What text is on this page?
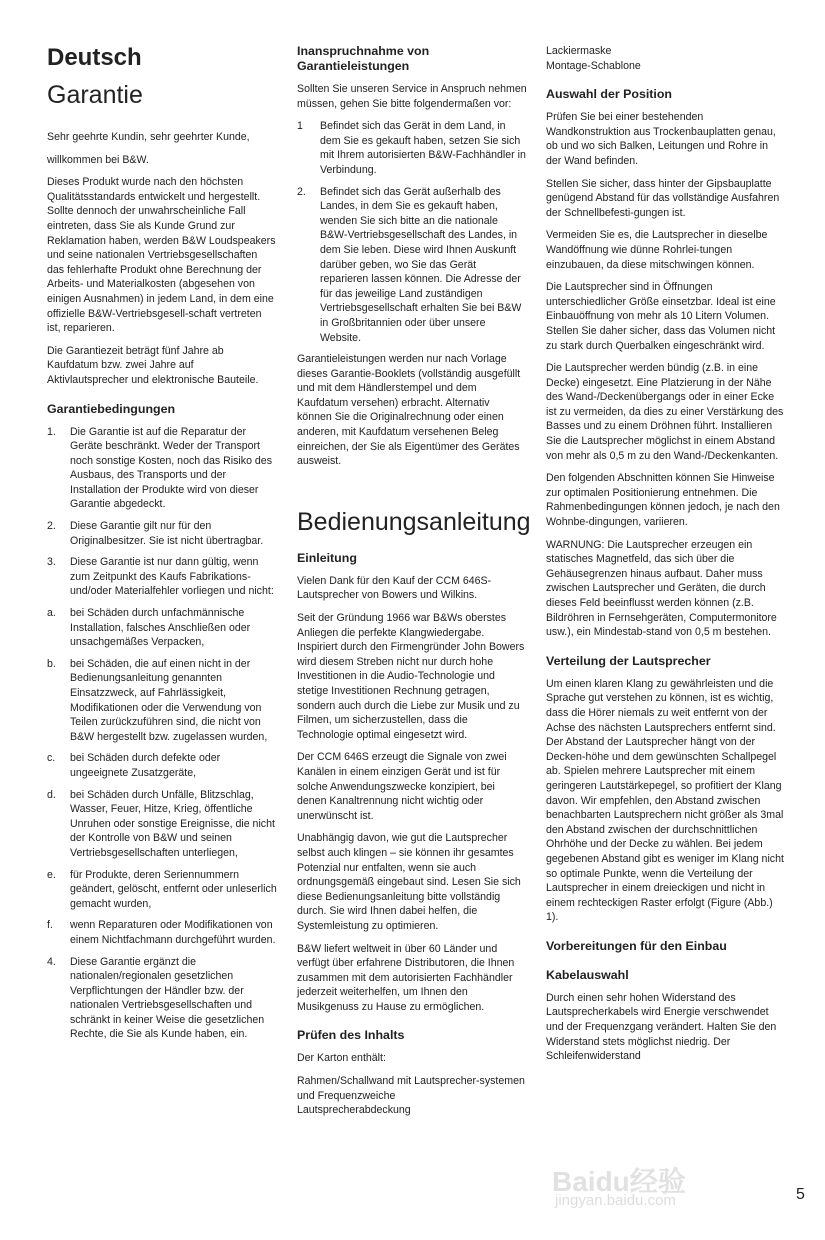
Deutsch
Garantie

Sehr geehrte Kundin, sehr geehrter Kunde,

willkommen bei B&W.

Dieses Produkt wurde nach den höchsten Qualitätsstandards entwickelt und hergestellt. Sollte dennoch der unwahrscheinliche Fall eintreten, dass Sie als Kunde Grund zur Reklamation haben, werden B&W Loudspeakers und seine nationalen Vertriebsgesellschaften das fehlerhafte Produkt ohne Berechnung der Arbeits- und Materialkosten (abgesehen von einigen Ausnahmen) in jedem Land, in dem eine offizielle B&W-Vertriebsgesell-schaft vertreten ist, reparieren.

Die Garantiezeit beträgt fünf Jahre ab Kaufdatum bzw. zwei Jahre auf Aktivlautsprecher und elektronische Bauteile.

Garantiebedingungen
1.	Die Garantie ist auf die Reparatur der Geräte beschränkt. Weder der Transport noch sonstige Kosten, noch das Risiko des Ausbaus, des Transports und der Installation der Produkte wird von dieser Garantie abgedeckt.
2.	Diese Garantie gilt nur für den Originalbesitzer. Sie ist nicht übertragbar.
3.	Diese Garantie ist nur dann gültig, wenn zum Zeitpunkt des Kaufs Fabrikations- und/oder Materialfehler vorliegen und nicht:
a.	bei Schäden durch unfachmännische Installation, falsches Anschließen oder unsachgemäßes Verpacken,
b.	bei Schäden, die auf einen nicht in der Bedienungsanleitung genannten Einsatzzweck, auf Fahrlässigkeit, Modifikationen oder die Verwendung von Teilen zurückzuführen sind, die nicht von B&W hergestellt bzw. zugelassen wurden,
c.	bei Schäden durch defekte oder ungeeignete Zusatzgeräte,
d.	bei Schäden durch Unfälle, Blitzschlag, Wasser, Feuer, Hitze, Krieg, öffentliche Unruhen oder sonstige Ereignisse, die nicht der Kontrolle von B&W und seinen Vertriebsgesellschaften unterliegen,
e.	für Produkte, deren Seriennummern geändert, gelöscht, entfernt oder unleserlich gemacht wurden,
f.	wenn Reparaturen oder Modifikationen von einem Nichtfachmann durchgeführt wurden.
4.	Diese Garantie ergänzt die nationalen/regionalen gesetzlichen Verpflichtungen der Händler bzw. der nationalen Vertriebsgesellschaften und schränkt in keiner Weise die gesetzlichen Rechte, die Sie als Kunde haben, ein.
Inanspruchnahme von Garantieleistungen

Sollten Sie unseren Service in Anspruch nehmen müssen, gehen Sie bitte folgendermaßen vor:

1	Befindet sich das Gerät in dem Land, in dem Sie es gekauft haben, setzen Sie sich mit Ihrem autorisierten B&W-Fachhändler in Verbindung.
2.	Befindet sich das Gerät außerhalb des Landes, in dem Sie es gekauft haben, wenden Sie sich bitte an die nationale B&W-Vertriebsgesellschaft des Landes, in dem Sie leben. Diese wird Ihnen Auskunft darüber geben, wo Sie das Gerät reparieren lassen können. Die Adresse der für das jeweilige Land zuständigen Vertriebsgesellschaft erhalten Sie bei B&W in Großbritannien oder über unsere Website.

Garantieleistungen werden nur nach Vorlage dieses Garantie-Booklets (vollständig ausgefüllt und mit dem Händlerstempel und dem Kaufdatum versehen) erbracht. Alternativ können Sie die Originalrechnung oder einen anderen, mit Kaufdatum versehenen Beleg einreichen, der Sie als Eigentümer des Gerätes ausweist.

Bedienungsanleitung
Einleitung

Vielen Dank für den Kauf der CCM 646S-Lautsprecher von Bowers und Wilkins.

Seit der Gründung 1966 war B&Ws oberstes Anliegen die perfekte Klangwiedergabe. Inspiriert durch den Firmengründer John Bowers wird diesem Streben nicht nur durch hohe Investitionen in die Audio-Technologie und stetige Investitionen Rechnung getragen, sondern auch durch die Liebe zur Musik und zu Filmen, um sicherzustellen, dass die Technologie optimal eingesetzt wird.

Der CCM 646S erzeugt die Signale von zwei Kanälen in einem einzigen Gerät und ist für solche Anwendungszwecke konzipiert, bei denen Kanaltrennung nicht wichtig oder unerwünscht ist.

Unabhängig davon, wie gut die Lautsprecher selbst auch klingen – sie können ihr gesamtes Potenzial nur entfalten, wenn sie auch ordnungsgemäß eingebaut sind. Lesen Sie sich diese Bedienungsanleitung bitte vollständig durch. Sie wird Ihnen dabei helfen, die Systemleistung zu optimieren.

B&W liefert weltweit in über 60 Länder und verfügt über erfahrene Distributoren, die Ihnen zusammen mit dem autorisierten Fachhändler jederzeit weiterhelfen, um Ihnen den Musikgenuss zu Hause zu ermöglichen.

Prüfen des Inhalts

Der Karton enthält:

Rahmen/Schallwand mit Lautsprecher-systemen und Frequenzweiche

Lautsprecherabdeckung

Lackiermaske

Montage-Schablone

Auswahl der Position

Prüfen Sie bei einer bestehenden Wandkonstruktion aus Trockenbauplatten genau, ob und wo sich Balken, Leitungen und Rohre in der Wand befinden.

Stellen Sie sicher, dass hinter der Gipsbauplatte genügend Abstand für das vollständige Ausfahren der Schnellbefesti-gungen ist.

Vermeiden Sie es, die Lautsprecher in dieselbe Wandöffnung wie dünne Rohrlei-tungen einzubauen, da diese mitschwingen können.

Die Lautsprecher sind in Öffnungen unterschiedlicher Größe einsetzbar. Ideal ist eine Einbauöffnung von mehr als 10 Litern Volumen. Stellen Sie daher sicher, dass das Volumen nicht zu stark durch Querbalken eingeschränkt wird.

Die Lautsprecher werden bündig (z.B. in eine Decke) eingesetzt. Eine Platzierung in der Nähe des Wand-/Deckenübergangs oder in einer Ecke ist zu vermeiden, da dies zu einer Verstärkung des Basses und zu einem Dröhnen führt. Installieren Sie die Lautsprecher möglichst in einem Abstand von mehr als 0,5 m zu den Wand-/Deckenkanten.

Den folgenden Abschnitten können Sie Hinweise zur optimalen Positionierung entnehmen. Die Rahmenbedingungen können jedoch, je nach den Wohnbe-dingungen, variieren.

WARNUNG: Die Lautsprecher erzeugen ein statisches Magnetfeld, das sich über die Gehäusegrenzen hinaus aufbaut. Daher muss zwischen Lautsprecher und Geräten, die durch dieses Feld beeinflusst werden können (z.B. Bildröhren in Fernsehgeräten, Computermonitore usw.), ein Mindestab-stand von 0,5 m bestehen.

Verteilung der Lautsprecher

Um einen klaren Klang zu gewährleisten und die Sprache gut verstehen zu können, ist es wichtig, dass die Hörer niemals zu weit entfernt von der Achse des nächsten Lautsprechers entfernt sind. Der Abstand der Lautsprecher hängt von der Decken-höhe und dem gewünschten Schallpegel ab. Spielen mehrere Lautsprecher mit einem geringeren Lautstärkepegel, so profitiert der Klang davon. Wir empfehlen, den Abstand zwischen benachbarten Lautsprechern nicht größer als 3mal den Abstand zwischen der durchschnittlichen Ohrhöhe und der Decke zu wählen. Bei jedem gegebenen Abstand gibt es weniger im Klang nicht so optimale Punkte, wenn die Verteilung der Lautsprecher in einem dreieckigen und nicht in einem rechteckigen Raster erfolgt (Figure (Abb.) 1).

Vorbereitungen für den Einbau
Kabelauswahl

Durch einen sehr hohen Widerstand des Lautsprecherkabels wird Energie verschwendet und der Frequenzgang verändert. Halten Sie den Widerstand stets möglichst niedrig. Der Schleifenwiderstand

Baidu经验
jingyan.baidu.com	5
